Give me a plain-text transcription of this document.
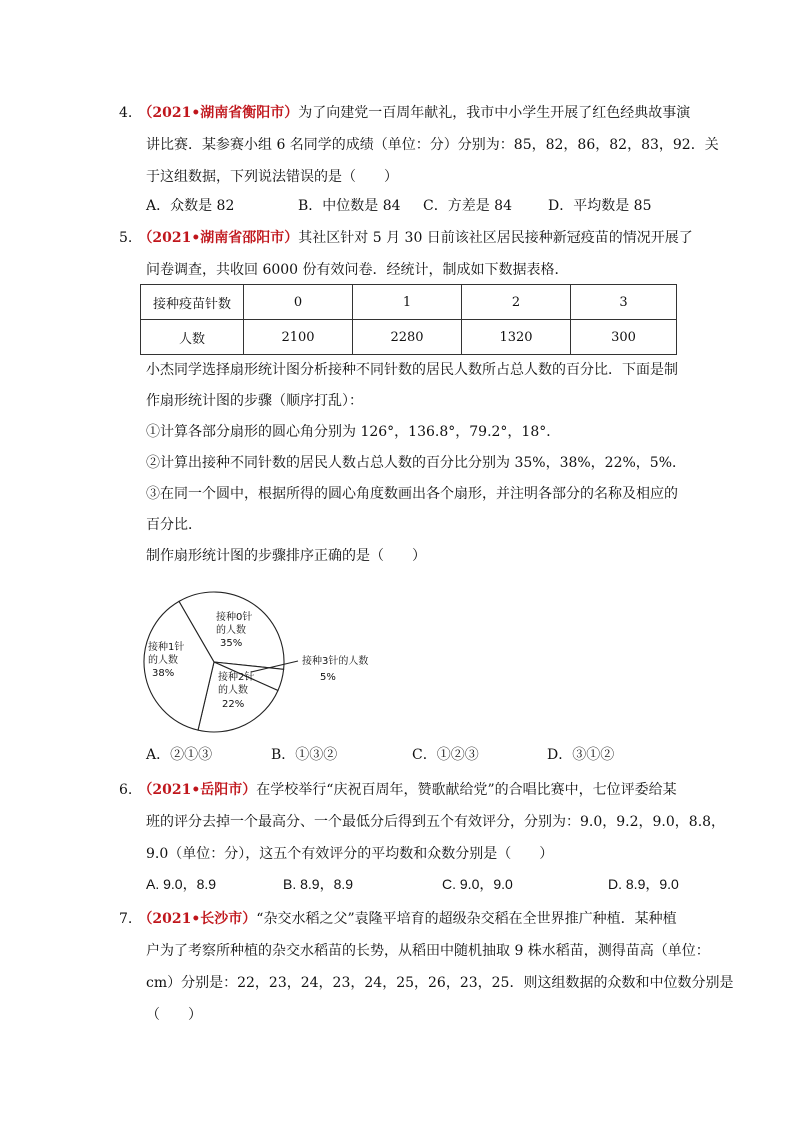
4. （2021•湖南省衡阳市）为了向建党一百周年献礼，我市中小学生开展了红色经典故事演
讲比赛．某参赛小组 6 名同学的成绩（单位：分）分别为：85，82，86，82，83，92．关
于这组数据，下列说法错误的是（　　）
A．众数是 82	B．中位数是 84 C．方差是 84	D．平均数是 85
5. （2021•湖南省邵阳市）其社区针对 5 月 30 日前该社区居民接种新冠疫苗的情况开展了
问卷调查，共收回 6000 份有效问卷．经统计，制成如下数据表格．
接种疫苗针数	0	1	2	3
人数	2100	2280	1320	300
小杰同学选择扇形统计图分析接种不同针数的居民人数所占总人数的百分比．下面是制
作扇形统计图的步骤（顺序打乱）：
①计算各部分扇形的圆心角分别为 126°，136.8°，79.2°，18°．
②计算出接种不同针数的居民人数占总人数的百分比分别为 35%，38%，22%，5%．
③在同一个圆中，根据所得的圆心角度数画出各个扇形，并注明各部分的名称及相应的
百分比．
制作扇形统计图的步骤排序正确的是（　　）
接种0针
的人数
35%
接种1针
的人数
38%	接种2针
的人数
22%
接种3针的人数
5%
A．②①③	B．①③②	C．①②③	D．③①②
6. （2021•岳阳市）在学校举行“庆祝百周年，赞歌献给党”的合唱比赛中，七位评委给某
班的评分去掉一个最高分、一个最低分后得到五个有效评分，分别为：9.0，9.2，9.0，8.8，
9.0（单位：分），这五个有效评分的平均数和众数分别是（　　）
A. 9.0，8.9	B. 8.9，8.9	C. 9.0，9.0	D. 8.9，9.0
7. （2021•长沙市）“杂交水稻之父”袁隆平培育的超级杂交稻在全世界推广种植．某种植
户为了考察所种植的杂交水稻苗的长势，从稻田中随机抽取 9 株水稻苗，测得苗高（单位：
cm）分别是：22，23，24，23，24，25，26，23，25．则这组数据的众数和中位数分别是
（　　）
